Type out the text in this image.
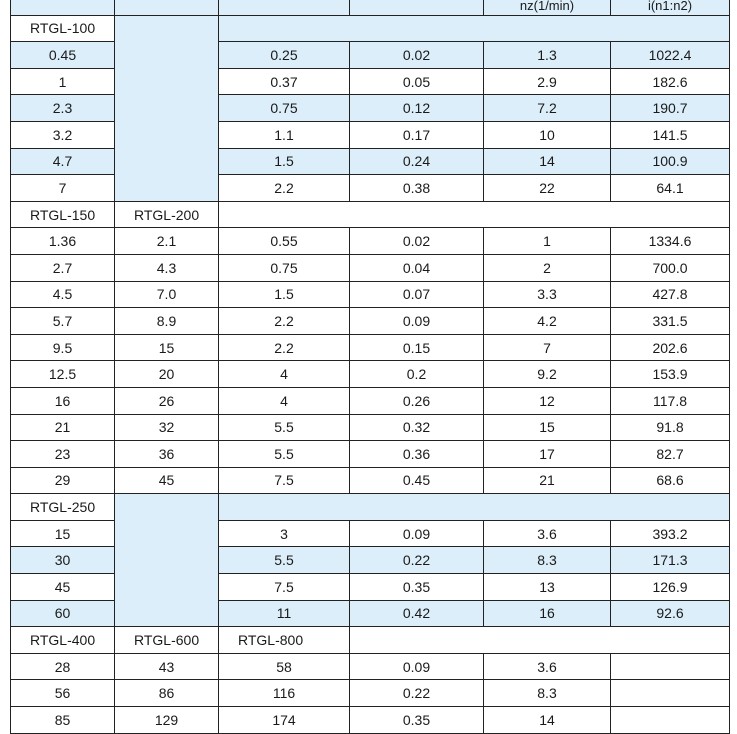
				nz(1/min)	i(n1:n2)
RTGL-100					
0.45		0.25	0.02	1.3	1022.4
1		0.37	0.05	2.9	182.6
2.3		0.75	0.12	7.2	190.7
3.2		1.1	0.17	10	141.5
4.7		1.5	0.24	14	100.9
7		2.2	0.38	22	64.1
RTGL-150	RTGL-200				
1.36	2.1	0.55	0.02	1	1334.6
2.7	4.3	0.75	0.04	2	700.0
4.5	7.0	1.5	0.07	3.3	427.8
5.7	8.9	2.2	0.09	4.2	331.5
9.5	15	2.2	0.15	7	202.6
12.5	20	4	0.2	9.2	153.9
16	26	4	0.26	12	117.8
21	32	5.5	0.32	15	91.8
23	36	5.5	0.36	17	82.7
29	45	7.5	0.45	21	68.6
RTGL-250					
15		3	0.09	3.6	393.2
30		5.5	0.22	8.3	171.3
45		7.5	0.35	13	126.9
60		11	0.42	16	92.6
RTGL-400	RTGL-600	RTGL-800			
28	43	58	0.09	3.6	
56	86	116	0.22	8.3	
85	129	174	0.35	14	
